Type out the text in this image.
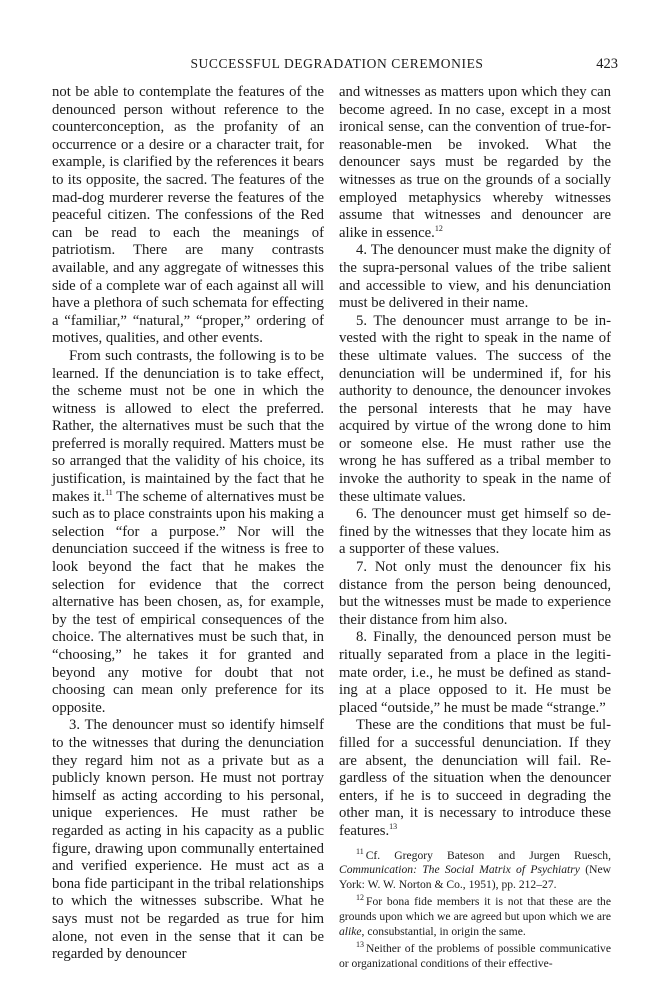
SUCCESSFUL DEGRADATION CEREMONIES	423

not be able to contemplate the features of the denounced person without reference to the counterconception, as the profanity of an occurrence or a desire or a character trait, for example, is clarified by the references it bears to its opposite, the sacred. The features of the mad-dog murderer reverse the features of the peaceful citizen. The confessions of the Red can be read to each the meanings of patriotism. There are many contrasts available, and any aggregate of witnesses this side of a complete war of each against all will have a plethora of such schemata for effecting a “familiar,” “natural,” “proper,” ordering of motives, qualities, and other events.

From such contrasts, the following is to be learned. If the denunciation is to take effect, the scheme must not be one in which the witness is allowed to elect the preferred. Rather, the alternatives must be such that the preferred is morally required. Matters must be so arranged that the validity of his choice, its justification, is maintained by the fact that he makes it.$^{11}$ The scheme of alternatives must be such as to place constraints upon his making a selection “for a purpose.” Nor will the denunciation succeed if the witness is free to look beyond the fact that he makes the selection for evidence that the correct alternative has been chosen, as, for example, by the test of empirical consequences of the choice. The alternatives must be such that, in “choosing,” he takes it for granted and beyond any motive for doubt that not choosing can mean only preference for its opposite.

3. The denouncer must so identify himself to the witnesses that during the denunciation they regard him not as a private but as a publicly known person. He must not portray himself as acting according to his personal, unique experiences. He must rather be regarded as acting in his capacity as a public figure, drawing upon communally entertained and verified experience. He must act as a bona fide participant in the tribal relationships to which the witnesses subscribe. What he says must not be regarded as true for him alone, not even in the sense that it can be regarded by denouncer

and witnesses as matters upon which they can become agreed. In no case, except in a most ironical sense, can the convention of true-for-reasonable-men be invoked. What the denouncer says must be regarded by the witnesses as true on the grounds of a socially employed metaphysics whereby witnesses assume that witnesses and denouncer are alike in essence.$^{12}$

4. The denouncer must make the dignity of the supra-personal values of the tribe salient and accessible to view, and his denunciation must be delivered in their name.

5. The denouncer must arrange to be invested with the right to speak in the name of these ultimate values. The success of the denunciation will be undermined if, for his authority to denounce, the denouncer invokes the personal interests that he may have acquired by virtue of the wrong done to him or someone else. He must rather use the wrong he has suffered as a tribal member to invoke the authority to speak in the name of these ultimate values.

6. The denouncer must get himself so defined by the witnesses that they locate him as a supporter of these values.

7. Not only must the denouncer fix his distance from the person being denounced, but the witnesses must be made to experience their distance from him also.

8. Finally, the denounced person must be ritually separated from a place in the legitimate order, i.e., he must be defined as standing at a place opposed to it. He must be placed “outside,” he must be made “strange.”

These are the conditions that must be fulfilled for a successful denunciation. If they are absent, the denunciation will fail. Regardless of the situation when the denouncer enters, if he is to succeed in degrading the other man, it is necessary to introduce these features.$^{13}$

$^{11}$ Cf. Gregory Bateson and Jurgen Ruesch, Communication: The Social Matrix of Psychiatry (New York: W. W. Norton & Co., 1951), pp. 212–27.

$^{12}$ For bona fide members it is not that these are the grounds upon which we are agreed but upon which we are alike, consubstantial, in origin the same.

$^{13}$ Neither of the problems of possible communicative or organizational conditions of their effective-
